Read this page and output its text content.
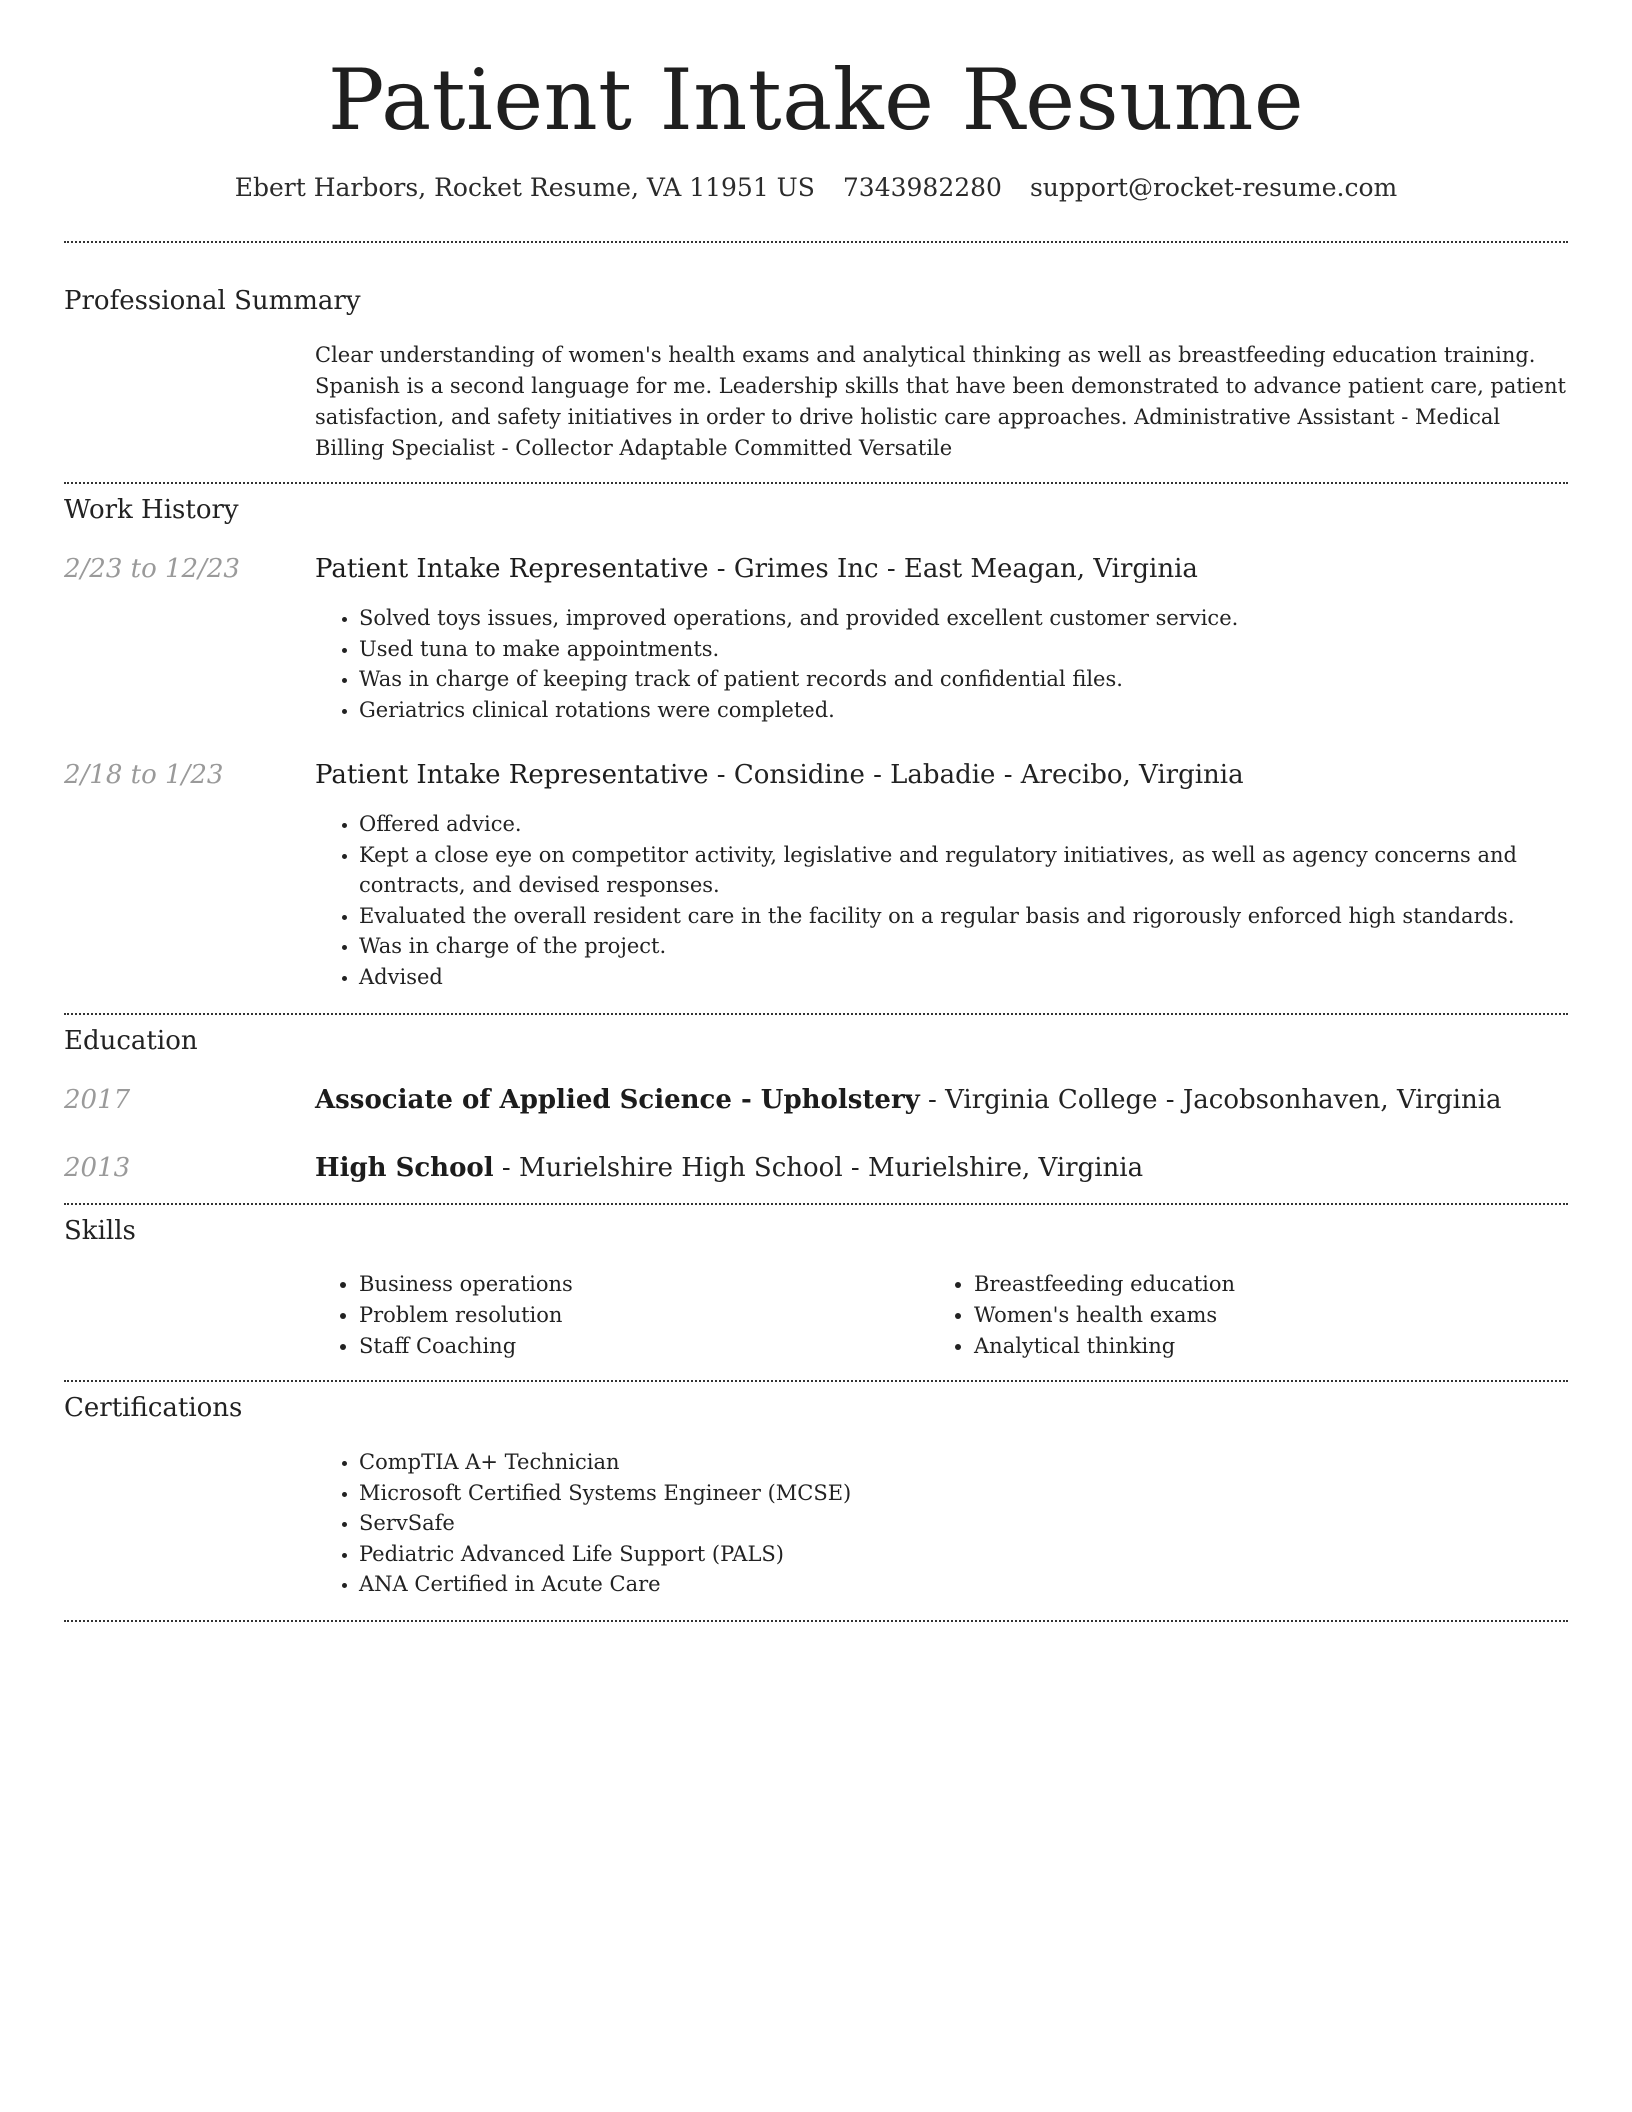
Patient Intake Resume
Ebert Harbors, Rocket Resume, VA 11951 US 7343982280 support@rocket-resume.com
Professional Summary
Clear understanding of women's health exams and analytical thinking as well as breastfeeding education training. Spanish is a second language for me. Leadership skills that have been demonstrated to advance patient care, patient satisfaction, and safety initiatives in order to drive holistic care approaches. Administrative Assistant - Medical Billing Specialist - Collector Adaptable Committed Versatile
Work History
2/23 to 12/23	Patient Intake Representative - Grimes Inc - East Meagan, Virginia
• Solved toys issues, improved operations, and provided excellent customer service.
• Used tuna to make appointments.
• Was in charge of keeping track of patient records and confidential files.
• Geriatrics clinical rotations were completed.
2/18 to 1/23	Patient Intake Representative - Considine - Labadie - Arecibo, Virginia
• Offered advice.
• Kept a close eye on competitor activity, legislative and regulatory initiatives, as well as agency concerns and contracts, and devised responses.
• Evaluated the overall resident care in the facility on a regular basis and rigorously enforced high standards.
• Was in charge of the project.
• Advised
Education
2017	Associate of Applied Science - Upholstery - Virginia College - Jacobsonhaven, Virginia
2013	High School - Murielshire High School - Murielshire, Virginia
Skills
• Business operations
• Problem resolution
• Staff Coaching
• Breastfeeding education
• Women's health exams
• Analytical thinking
Certifications
• CompTIA A+ Technician
• Microsoft Certified Systems Engineer (MCSE)
• ServSafe
• Pediatric Advanced Life Support (PALS)
• ANA Certified in Acute Care
